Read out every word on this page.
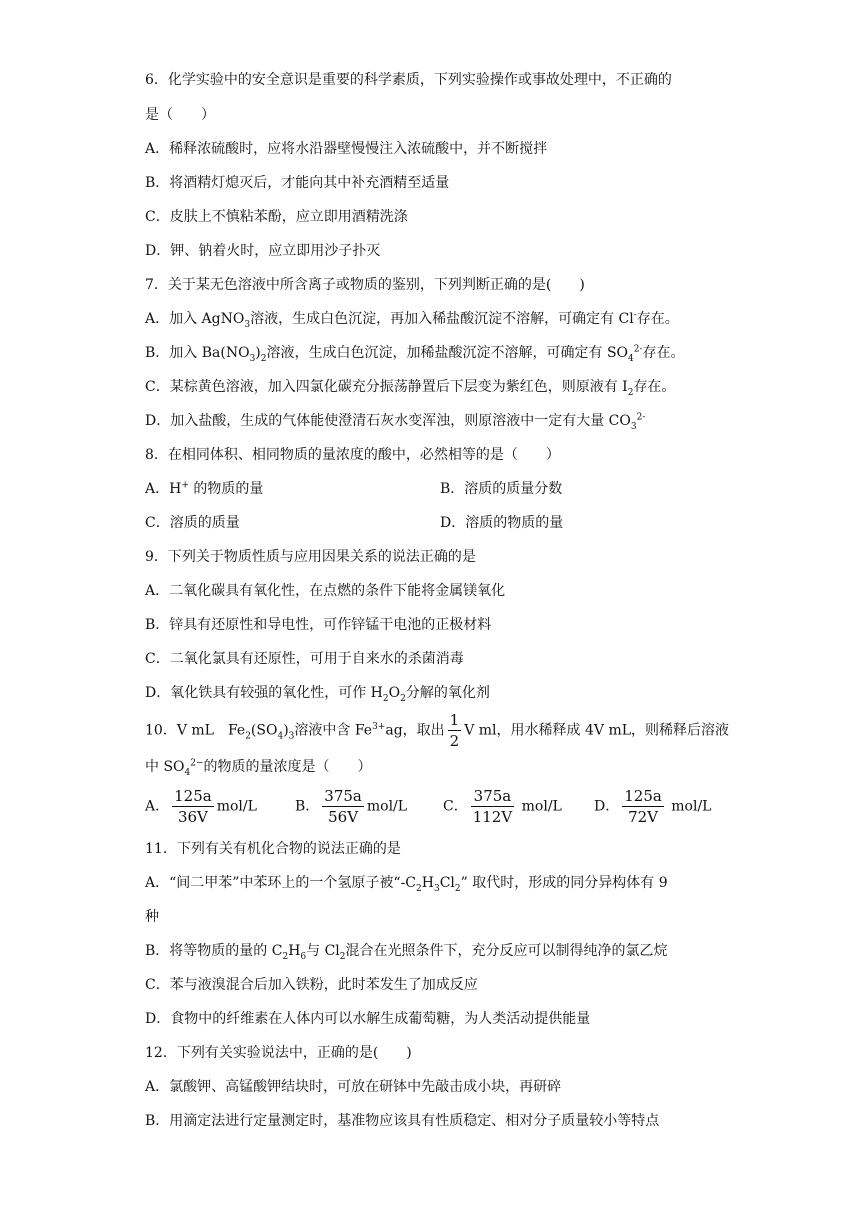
6．化学实验中的安全意识是重要的科学素质，下列实验操作或事故处理中，不正确的
是（　　）
A．稀释浓硫酸时，应将水沿器壁慢慢注入浓硫酸中，并不断搅拌
B．将酒精灯熄灭后，才能向其中补充酒精至适量
C．皮肤上不慎粘苯酚，应立即用酒精洗涤
D．钾、钠着火时，应立即用沙子扑灭
7．关于某无色溶液中所含离子或物质的鉴别，下列判断正确的是(　　)
A．加入 AgNO$_3$溶液，生成白色沉淀，再加入稀盐酸沉淀不溶解，可确定有 Cl-存在。
B．加入 $Ba(NO_3)_2$溶液，生成白色沉淀，加稀盐酸沉淀不溶解，可确定有 $SO_4^{2-}$存在。
C．某棕黄色溶液，加入四氯化碳充分振荡静置后下层变为紫红色，则原液有 $I_2$存在。
D．加入盐酸，生成的气体能使澄清石灰水变浑浊，则原溶液中一定有大量 $CO_3^{2-}$
8．在相同体积、相同物质的量浓度的酸中，必然相等的是（　　）
A．H+ 的物质的量	B．溶质的质量分数
C．溶质的质量	D．溶质的物质的量
9．下列关于物质性质与应用因果关系的说法正确的是
A．二氧化碳具有氧化性，在点燃的条件下能将金属镁氧化
B．锌具有还原性和导电性，可作锌锰干电池的正极材料
C．二氧化氯具有还原性，可用于自来水的杀菌消毒
D．氧化铁具有较强的氧化性，可作 $H_2O_2$分解的氧化剂
10．V mL　$Fe_2(SO_4)_3$溶液中含 $Fe^{3+}ag$，取出 $\frac{1}{2}$ V ml，用水稀释成 4V mL，则稀释后溶液
中 $SO_4^{2-}$的物质的量浓度是（　　）
A． $\frac{125a}{36V} mol/L$	B． $\frac{375a}{56V} mol/L$	C． $\frac{375a}{112V} mol/L$ D． $\frac{125a}{72V} mol/L$
11．下列有关有机化合物的说法正确的是
A．“间二甲苯”中苯环上的一个氢原子被“$-C_2H_3Cl_2$” 取代时，形成的同分异构体有 9
种
B．将等物质的量的 $C_2H_6$与 $Cl_2$混合在光照条件下，充分反应可以制得纯净的氯乙烷
C．苯与液溴混合后加入铁粉，此时苯发生了加成反应
D．食物中的纤维素在人体内可以水解生成葡萄糖，为人类活动提供能量
12．下列有关实验说法中，正确的是(　　)
A．氯酸钾、高锰酸钾结块时，可放在研钵中先敲击成小块，再研碎
B．用滴定法进行定量测定时，基准物应该具有性质稳定、相对分子质量较小等特点
